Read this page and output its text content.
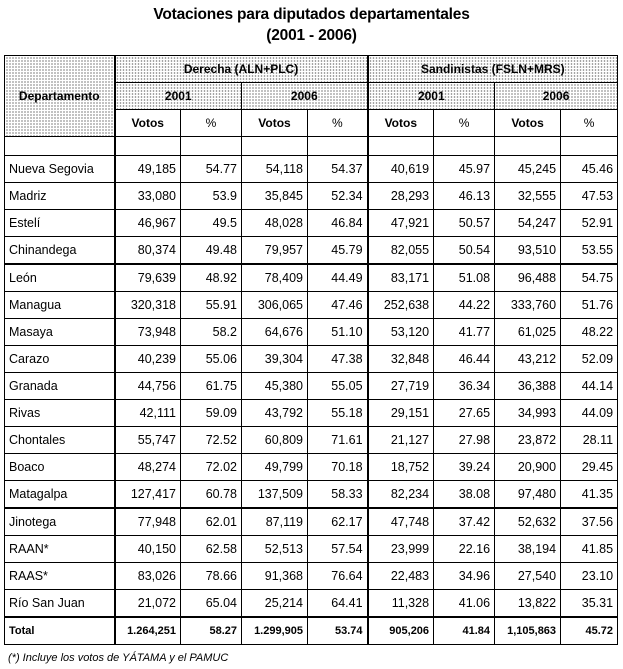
Votaciones para diputados departamentales
(2001 - 2006)
Departamento	Derecha (ALN+PLC)				Sandinistas (FSLN+MRS)			
	2001		2006		2001		2006	
	Votos	%	Votos	%	Votos	%	Votos	%

Nueva Segovia	49,185	54.77	54,118	54.37	40,619	45.97	45,245	45.46
Madriz	33,080	53.9	35,845	52.34	28,293	46.13	32,555	47.53
Estelí	46,967	49.5	48,028	46.84	47,921	50.57	54,247	52.91
Chinandega	80,374	49.48	79,957	45.79	82,055	50.54	93,510	53.55
León	79,639	48.92	78,409	44.49	83,171	51.08	96,488	54.75
Managua	320,318	55.91	306,065	47.46	252,638	44.22	333,760	51.76
Masaya	73,948	58.2	64,676	51.10	53,120	41.77	61,025	48.22
Carazo	40,239	55.06	39,304	47.38	32,848	46.44	43,212	52.09
Granada	44,756	61.75	45,380	55.05	27,719	36.34	36,388	44.14
Rivas	42,111	59.09	43,792	55.18	29,151	27.65	34,993	44.09
Chontales	55,747	72.52	60,809	71.61	21,127	27.98	23,872	28.11
Boaco	48,274	72.02	49,799	70.18	18,752	39.24	20,900	29.45
Matagalpa	127,417	60.78	137,509	58.33	82,234	38.08	97,480	41.35
Jinotega	77,948	62.01	87,119	62.17	47,748	37.42	52,632	37.56
RAAN*	40,150	62.58	52,513	57.54	23,999	22.16	38,194	41.85
RAAS*	83,026	78.66	91,368	76.64	22,483	34.96	27,540	23.10
Río San Juan	21,072	65.04	25,214	64.41	11,328	41.06	13,822	35.31
Total	1.264,251	58.27	1.299,905	53.74	905,206	41.84	1,105,863	45.72
(*) Incluye los votos de YÁTAMA y el PAMUC
